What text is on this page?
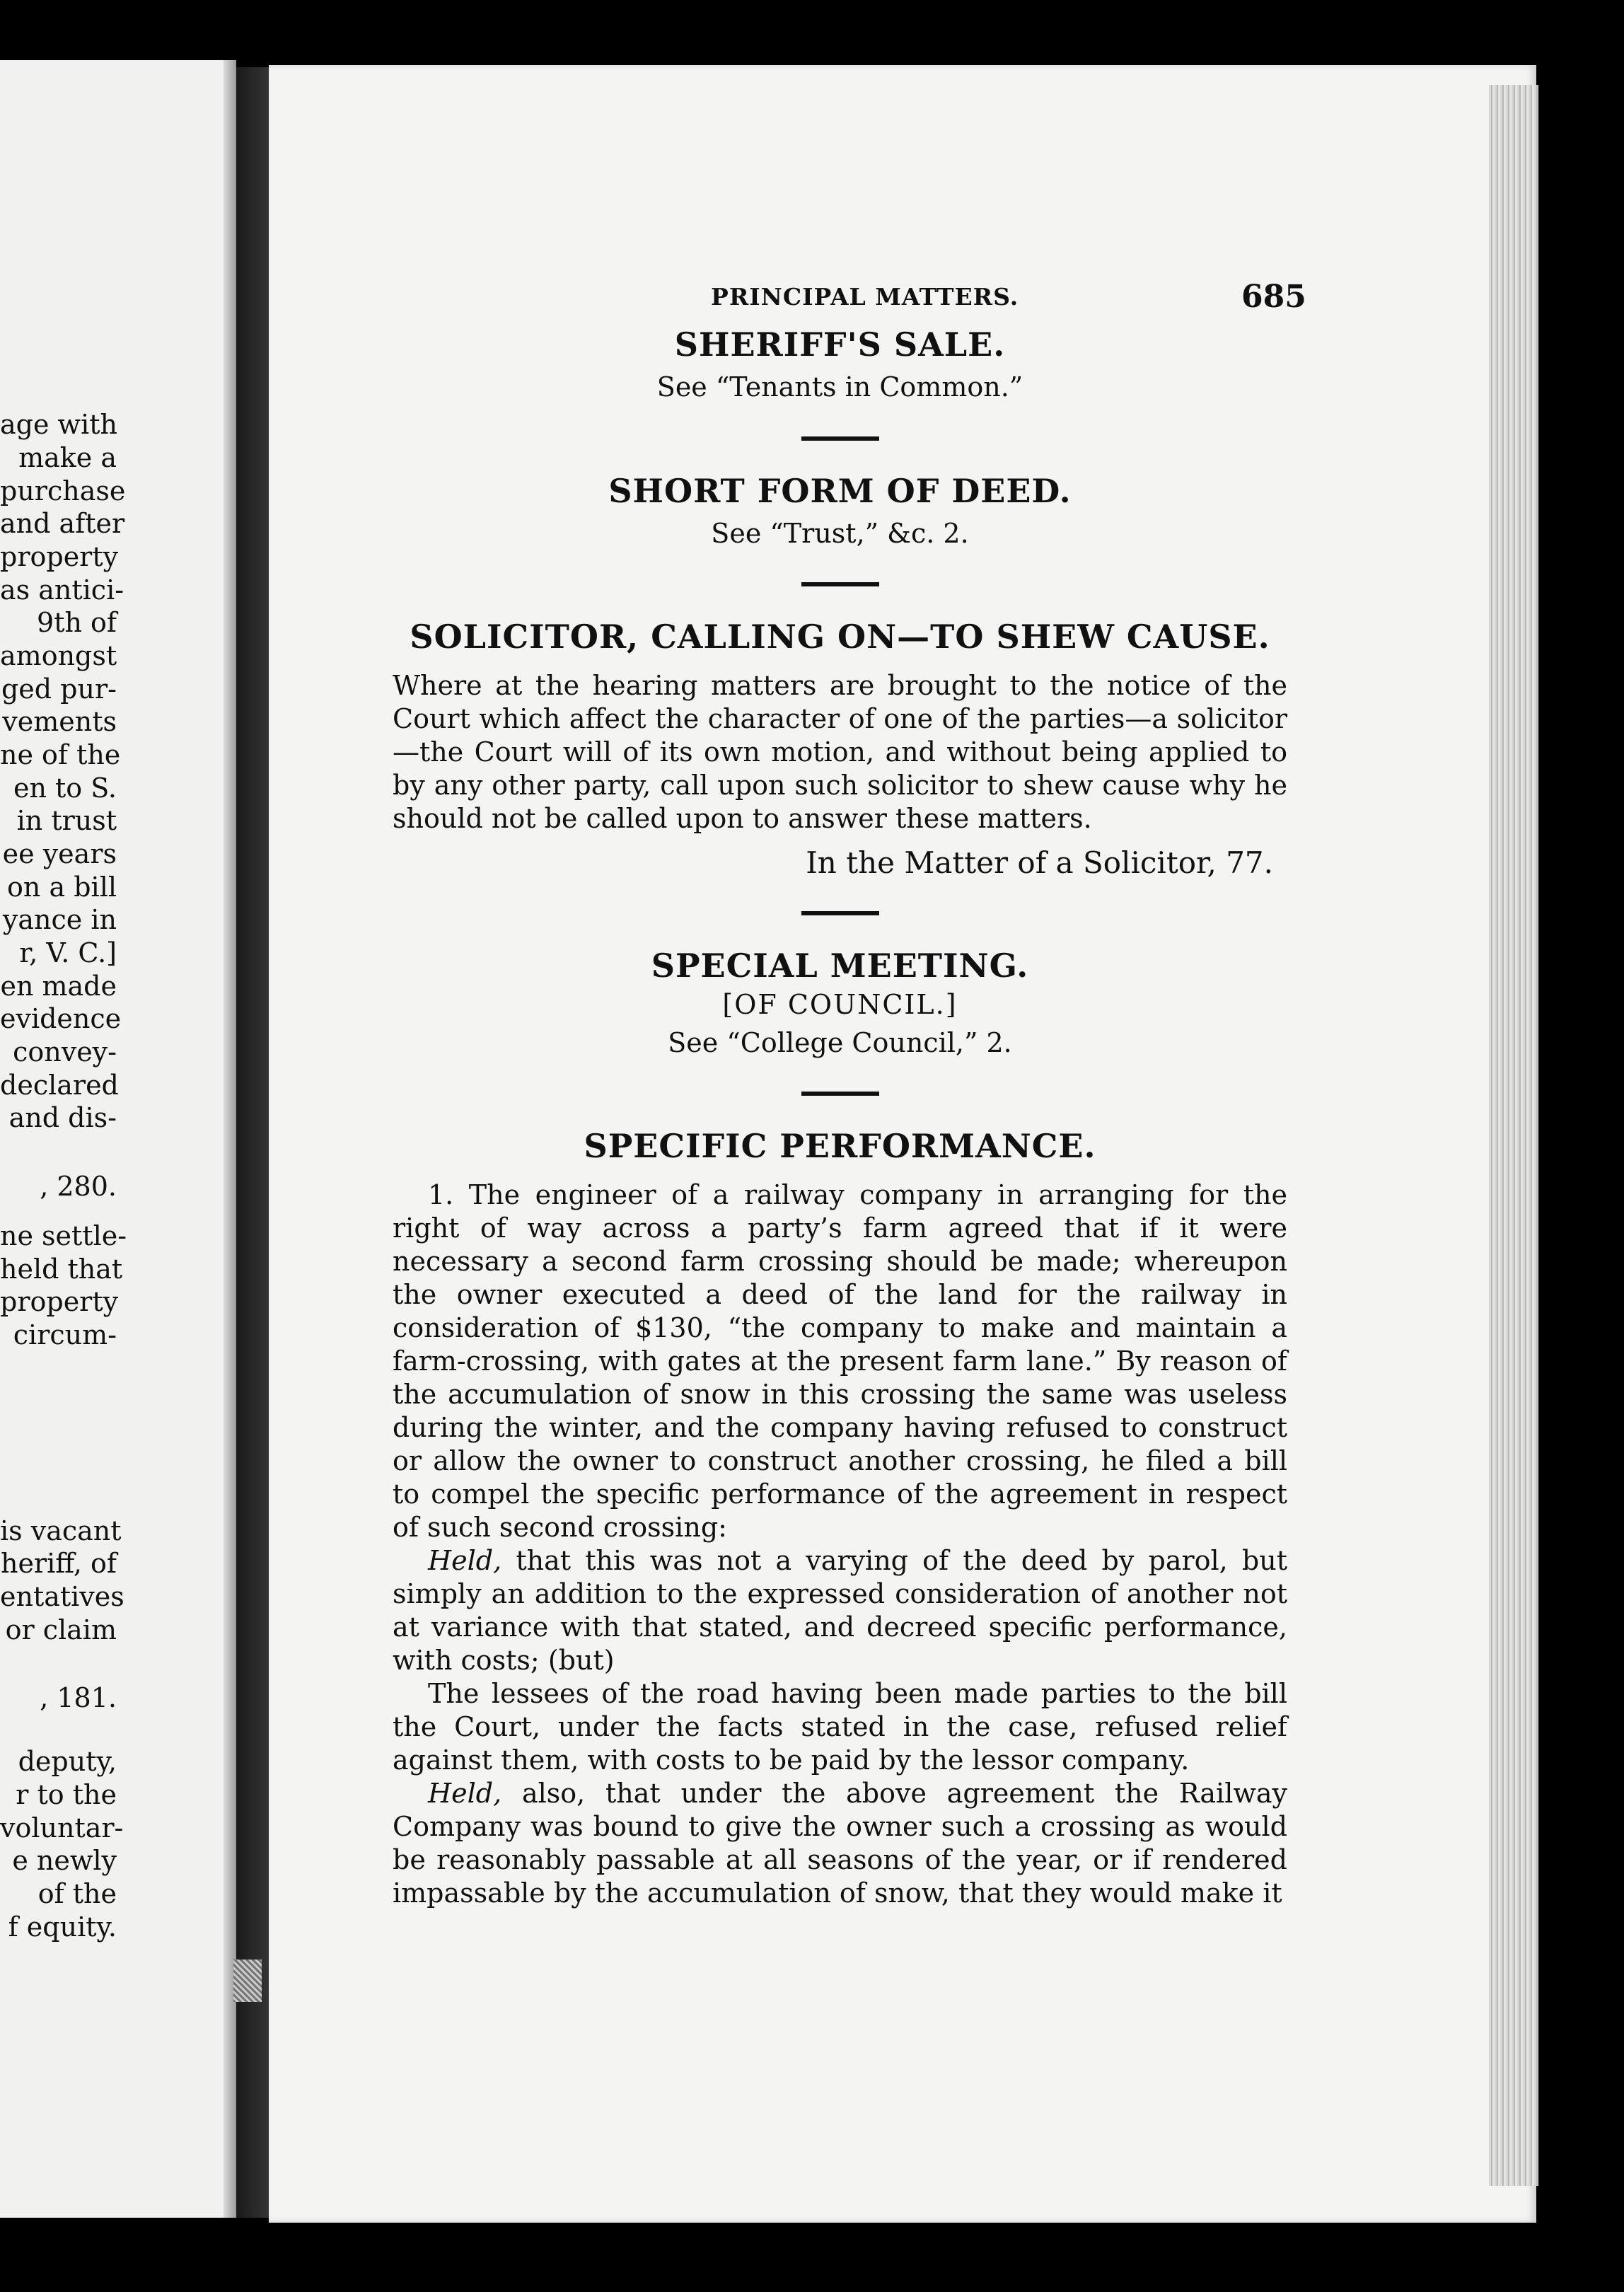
age with
make a
purchase
and after
property
as antici-
9th of
amongst
ged pur-
vements
ne of the
en to S.
in trust
ee years
on a bill
yance in
r, V. C.]
en made
evidence
convey-
declared
and dis-
, 280.
ne settle-
held that
property
circum-
is vacant
heriff, of
entatives
or claim
, 181.
deputy,
r to the
voluntar-
e newly
of the
f equity.
PRINCIPAL MATTERS.	685
SHERIFF'S SALE.

See “Tenants in Common.”

SHORT FORM OF DEED.

See “Trust,” &c. 2.

SOLICITOR, CALLING ON—TO SHEW CAUSE.

Where at the hearing matters are brought to the notice of the Court which affect the character of one of the parties—a solicitor —the Court will of its own motion, and without being applied to by any other party, call upon such solicitor to shew cause why he should not be called upon to answer these matters.

In the Matter of a Solicitor, 77.

SPECIAL MEETING.

[OF COUNCIL.]

See “College Council,” 2.

SPECIFIC PERFORMANCE.

1. The engineer of a railway company in arranging for the right of way across a party’s farm agreed that if it were necessary a second farm crossing should be made; whereupon the owner executed a deed of the land for the railway in consideration of $130, “the company to make and maintain a farm-crossing, with gates at the present farm lane.” By reason of the accumulation of snow in this crossing the same was useless during the winter, and the company having refused to construct or allow the owner to construct another crossing, he filed a bill to compel the specific performance of the agreement in respect of such second crossing:

Held, that this was not a varying of the deed by parol, but simply an addition to the expressed consideration of another not at variance with that stated, and decreed specific performance, with costs; (but)

The lessees of the road having been made parties to the bill the Court, under the facts stated in the case, refused relief against them, with costs to be paid by the lessor company.

Held, also, that under the above agreement the Railway Company was bound to give the owner such a crossing as would be reasonably passable at all seasons of the year, or if rendered impassable by the accumulation of snow, that they would make it
